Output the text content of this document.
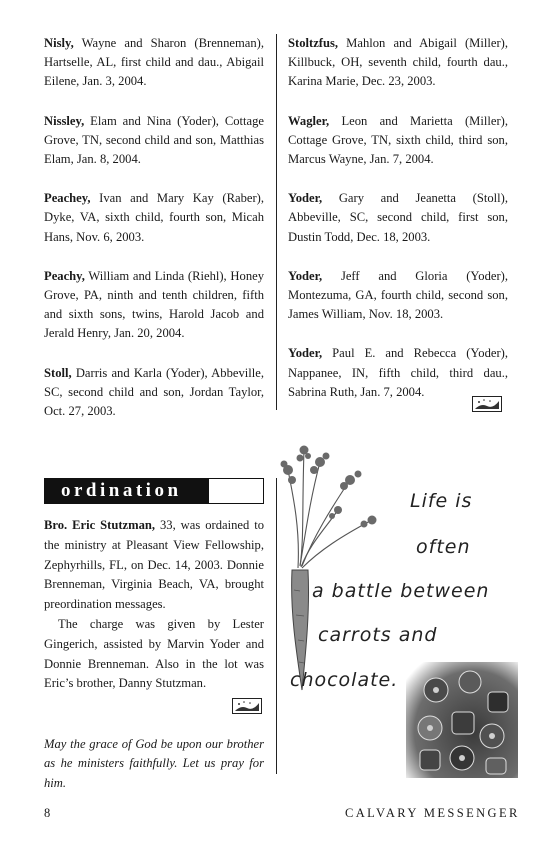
Nisly, Wayne and Sharon (Brenneman), Hartselle, AL, first child and dau., Abigail Eilene, Jan. 3, 2004.

Nissley, Elam and Nina (Yoder), Cottage Grove, TN, second child and son, Matthias Elam, Jan. 8, 2004.

Peachey, Ivan and Mary Kay (Raber), Dyke, VA, sixth child, fourth son, Micah Hans, Nov. 6, 2003.

Peachy, William and Linda (Riehl), Honey Grove, PA, ninth and tenth children, fifth and sixth sons, twins, Harold Jacob and Jerald Henry, Jan. 20, 2004.

Stoll, Darris and Karla (Yoder), Abbeville, SC, second child and son, Jordan Taylor, Oct. 27, 2003.

Stoltzfus, Mahlon and Abigail (Miller), Killbuck, OH, seventh child, fourth dau., Karina Marie, Dec. 23, 2003.

Wagler, Leon and Marietta (Miller), Cottage Grove, TN, sixth child, third son, Marcus Wayne, Jan. 7, 2004.

Yoder, Gary and Jeanetta (Stoll), Abbeville, SC, second child, first son, Dustin Todd, Dec. 18, 2003.

Yoder, Jeff and Gloria (Yoder), Montezuma, GA, fourth child, second son, James William, Nov. 18, 2003.

Yoder, Paul E. and Rebecca (Yoder), Nappanee, IN, fifth child, third dau., Sabrina Ruth, Jan. 7, 2004.

ordination

Bro. Eric Stutzman, 33, was ordained to the ministry at Pleasant View Fellowship, Zephyrhills, FL, on Dec. 14, 2003. Donnie Brenneman, Virginia Beach, VA, brought preordination messages.

The charge was given by Lester Gingerich, assisted by Marvin Yoder and Donnie Brenneman. Also in the lot was Eric’s brother, Danny Stutzman.

May the grace of God be upon our brother as he ministers faithfully. Let us pray for him.

Life is
often
a battle between
carrots and
chocolate.
8	CALVARY MESSENGER
